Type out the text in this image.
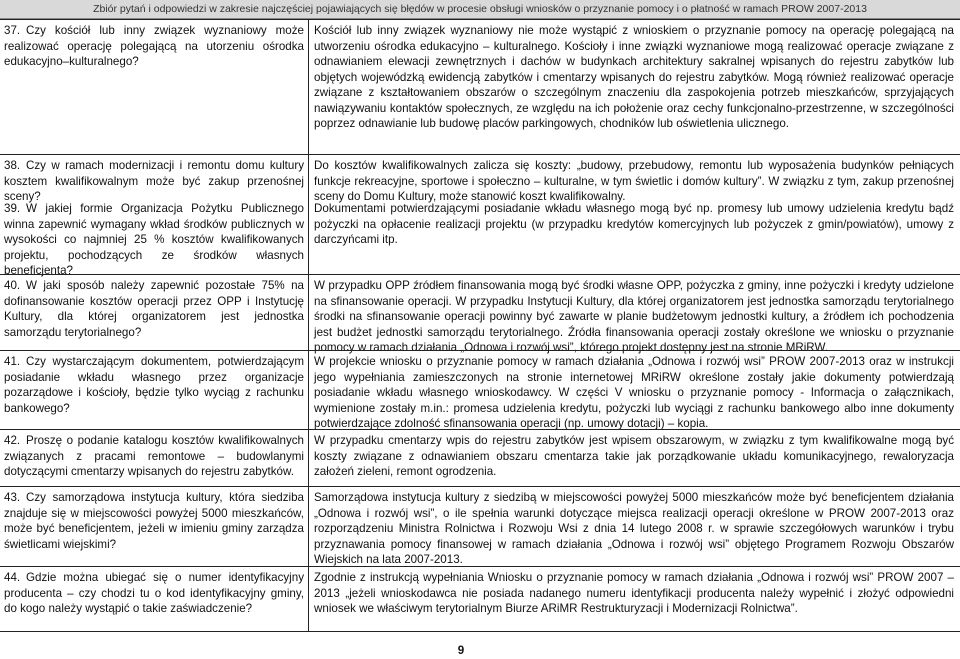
Zbiór pytań i odpowiedzi w zakresie najczęściej pojawiających się błędów w procesie obsługi wniosków o przyznanie pomocy i o płatność w ramach PROW 2007-2013
37. Czy kościół lub inny związek wyznaniowy może realizować operację polegającą na utorzeniu ośrodka edukacyjno–kulturalnego?
Kościół lub inny związek wyznaniowy nie może wystąpić z wnioskiem o przyznanie pomocy na operację polegającą na utworzeniu ośrodka edukacyjno – kulturalnego. Kościoły i inne związki wyznaniowe mogą realizować operacje związane z odnawianiem elewacji zewnętrznych i dachów w budynkach architektury sakralnej wpisanych do rejestru zabytków lub objętych wojewódzką ewidencją zabytków i cmentarzy wpisanych do rejestru zabytków. Mogą również realizować operacje związane z kształtowaniem obszarów o szczególnym znaczeniu dla zaspokojenia potrzeb mieszkańców, sprzyjających nawiązywaniu kontaktów społecznych, ze względu na ich położenie oraz cechy funkcjonalno-przestrzenne, w szczególności poprzez odnawianie lub budowę placów parkingowych, chodników lub oświetlenia ulicznego.
38. Czy w ramach modernizacji i remontu domu kultury kosztem kwalifikowalnym może być zakup przenośnej sceny?
Do kosztów kwalifikowalnych zalicza się koszty: „budowy, przebudowy, remontu lub wyposażenia budynków pełniących funkcje rekreacyjne, sportowe i społeczno – kulturalne, w tym świetlic i domów kultury”. W związku z tym, zakup przenośnej sceny do Domu Kultury, może stanowić koszt kwalifikowalny.
39. W jakiej formie Organizacja Pożytku Publicznego winna zapewnić wymagany wkład środków publicznych w wysokości co najmniej 25 % kosztów kwalifikowanych projektu, pochodzących ze środków własnych beneficjenta?
Dokumentami potwierdzającymi posiadanie wkładu własnego mogą być np. promesy lub umowy udzielenia kredytu bądź pożyczki na opłacenie realizacji projektu (w przypadku kredytów komercyjnych lub pożyczek z gmin/powiatów), umowy z darczyńcami itp.
40. W jaki sposób należy zapewnić pozostałe 75% na dofinansowanie kosztów operacji przez OPP i Instytucję Kultury, dla której organizatorem jest jednostka samorządu terytorialnego?
W przypadku OPP źródłem finansowania mogą być środki własne OPP, pożyczka z gminy, inne pożyczki i kredyty udzielone na sfinansowanie operacji. W przypadku Instytucji Kultury, dla której organizatorem jest jednostka samorządu terytorialnego środki na sfinansowanie operacji powinny być zawarte w planie budżetowym jednostki kultury, a źródłem ich pochodzenia jest budżet jednostki samorządu terytorialnego. Źródła finansowania operacji zostały określone we wniosku o przyznanie pomocy w ramach działania „Odnowa i rozwój wsi”, którego projekt dostępny jest na stronie MRiRW.
41. Czy wystarczającym dokumentem, potwierdzającym posiadanie wkładu własnego przez organizacje pozarządowe i kościoły, będzie tylko wyciąg z rachunku bankowego?
W projekcie wniosku o przyznanie pomocy w ramach działania „Odnowa i rozwój wsi” PROW 2007-2013 oraz w instrukcji jego wypełniania zamieszczonych na stronie internetowej MRiRW określone zostały jakie dokumenty potwierdzają posiadanie wkładu własnego wnioskodawcy. W części V wniosku o przyznanie pomocy - Informacja o załącznikach, wymienione zostały m.in.: promesa udzielenia kredytu, pożyczki lub wyciągi z rachunku bankowego albo inne dokumenty potwierdzające zdolność sfinansowania operacji (np. umowy dotacji) – kopia.
42. Proszę o podanie katalogu kosztów kwalifikowalnych związanych z pracami remontowe – budowlanymi dotyczącymi cmentarzy wpisanych do rejestru zabytków.
W przypadku cmentarzy wpis do rejestru zabytków jest wpisem obszarowym, w związku z tym kwalifikowalne mogą być koszty związane z odnawianiem obszaru cmentarza takie jak porządkowanie układu komunikacyjnego, rewaloryzacja założeń zieleni, remont ogrodzenia.
43. Czy samorządowa instytucja kultury, która siedziba znajduje się w miejscowości powyżej 5000 mieszkańców, może być beneficjentem, jeżeli w imieniu gminy zarządza świetlicami wiejskimi?
Samorządowa instytucja kultury z siedzibą w miejscowości powyżej 5000 mieszkańców może być beneficjentem działania „Odnowa i rozwój wsi”, o ile spełnia warunki dotyczące miejsca realizacji operacji określone w PROW 2007-2013 oraz rozporządzeniu Ministra Rolnictwa i Rozwoju Wsi z dnia 14 lutego 2008 r. w sprawie szczegółowych warunków i trybu przyznawania pomocy finansowej w ramach działania „Odnowa i rozwój wsi” objętego Programem Rozwoju Obszarów Wiejskich na lata 2007-2013.
44. Gdzie można ubiegać się o numer identyfikacyjny producenta – czy chodzi tu o kod identyfikacyjny gminy, do kogo należy wystąpić o takie zaświadczenie?
Zgodnie z instrukcją wypełniania Wniosku o przyznanie pomocy w ramach działania „Odnowa i rozwój wsi” PROW 2007 – 2013 „jeżeli wnioskodawca nie posiada nadanego numeru identyfikacji producenta należy wypełnić i złożyć odpowiedni wniosek we właściwym terytorialnym Biurze ARiMR Restrukturyzacji i Modernizacji Rolnictwa”.
9
